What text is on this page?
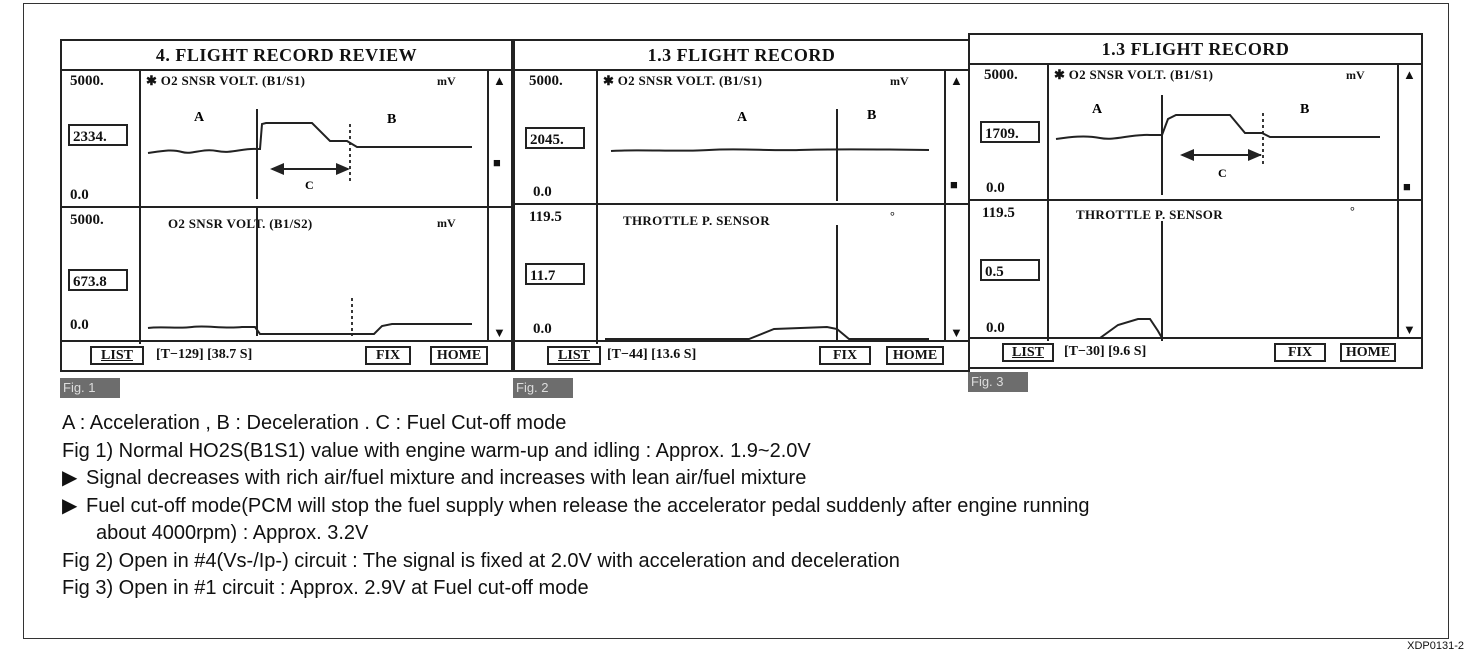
4. FLIGHT RECORD REVIEW
5000.
2334.
0.0
✱ O2 SNSR VOLT. (B1/S1)	mV
A	B
C
5000.
673.8
0.0
O2 SNSR VOLT. (B1/S2)	mV
▲
■
▼
LIST	[T−129] [38.7 S]	FIX	HOME
1.3 FLIGHT RECORD
5000.
2045.
0.0
✱ O2 SNSR VOLT. (B1/S1)	mV
A	B
119.5
11.7
0.0
THROTTLE P. SENSOR	°
▲
■
▼
LIST	[T−44] [13.6 S]	FIX	HOME
1.3 FLIGHT RECORD
5000.
1709.
0.0
✱ O2 SNSR VOLT. (B1/S1)	mV
A	B
C
119.5
0.5
0.0
THROTTLE P. SENSOR	°
▲
■
▼
LIST	[T−30] [9.6 S]	FIX	HOME
Fig. 1	Fig. 2	Fig. 3
A : Acceleration , B : Deceleration . C : Fuel Cut-off mode
Fig 1) Normal HO2S(B1S1) value with engine warm-up and idling : Approx. 1.9~2.0V
▶ Signal decreases with rich air/fuel mixture and increases with lean air/fuel mixture
▶ Fuel cut-off mode(PCM will stop the fuel supply when release the accelerator pedal suddenly after engine running
about 4000rpm) : Approx. 3.2V
Fig 2) Open in #4(Vs-/Ip-) circuit : The signal is fixed at 2.0V with acceleration and deceleration
Fig 3) Open in #1 circuit : Approx. 2.9V at Fuel cut-off mode
XDP0131-2
